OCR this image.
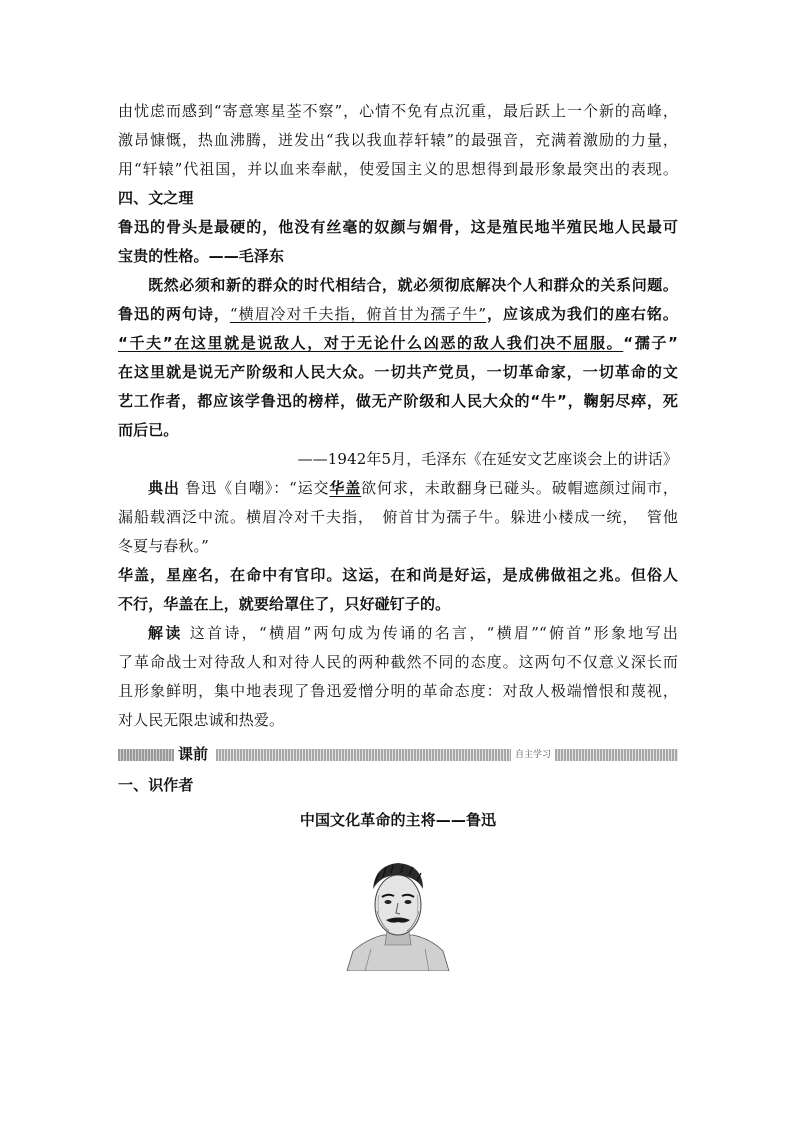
由忧虑而感到“寄意寒星荃不察”，心情不免有点沉重，最后跃上一个新的高峰，
激昂慷慨，热血沸腾，迸发出“我以我血荐轩辕”的最强音，充满着激励的力量，
用“轩辕”代祖国，并以血来奉献，使爱国主义的思想得到最形象最突出的表现。
四、文之理
鲁迅的骨头是最硬的，他没有丝毫的奴颜与媚骨，这是殖民地半殖民地人民最可
宝贵的性格。——毛泽东
既然必须和新的群众的时代相结合，就必须彻底解决个人和群众的关系问题。
鲁迅的两句诗，“横眉冷对千夫指，俯首甘为孺子牛”，应该成为我们的座右铭。
“千夫”在这里就是说敌人，对于无论什么凶恶的敌人我们决不屈服。“孺子”
在这里就是说无产阶级和人民大众。一切共产党员，一切革命家，一切革命的文
艺工作者，都应该学鲁迅的榜样，做无产阶级和人民大众的“牛”，鞠躬尽瘁，死
而后已。
——1942年5月，毛泽东《在延安文艺座谈会上的讲话》
典出 鲁迅《自嘲》：“运交华盖欲何求，未敢翻身已碰头。破帽遮颜过闹市，
漏船载酒泛中流。横眉冷对千夫指，　俯首甘为孺子牛。躲进小楼成一统，　管他
冬夏与春秋。”
华盖，星座名，在命中有官印。这运，在和尚是好运，是成佛做祖之兆。但俗人
不行，华盖在上，就要给罩住了，只好碰钉子的。
解读 这首诗，“横眉”两句成为传诵的名言，“横眉”“俯首”形象地写出
了革命战士对待敌人和对待人民的两种截然不同的态度。这两句不仅意义深长而
且形象鲜明，集中地表现了鲁迅爱憎分明的革命态度：对敌人极端憎恨和蔑视，
对人民无限忠诚和热爱。
课前	自主学习
一、识作者
中国文化革命的主将——鲁迅
